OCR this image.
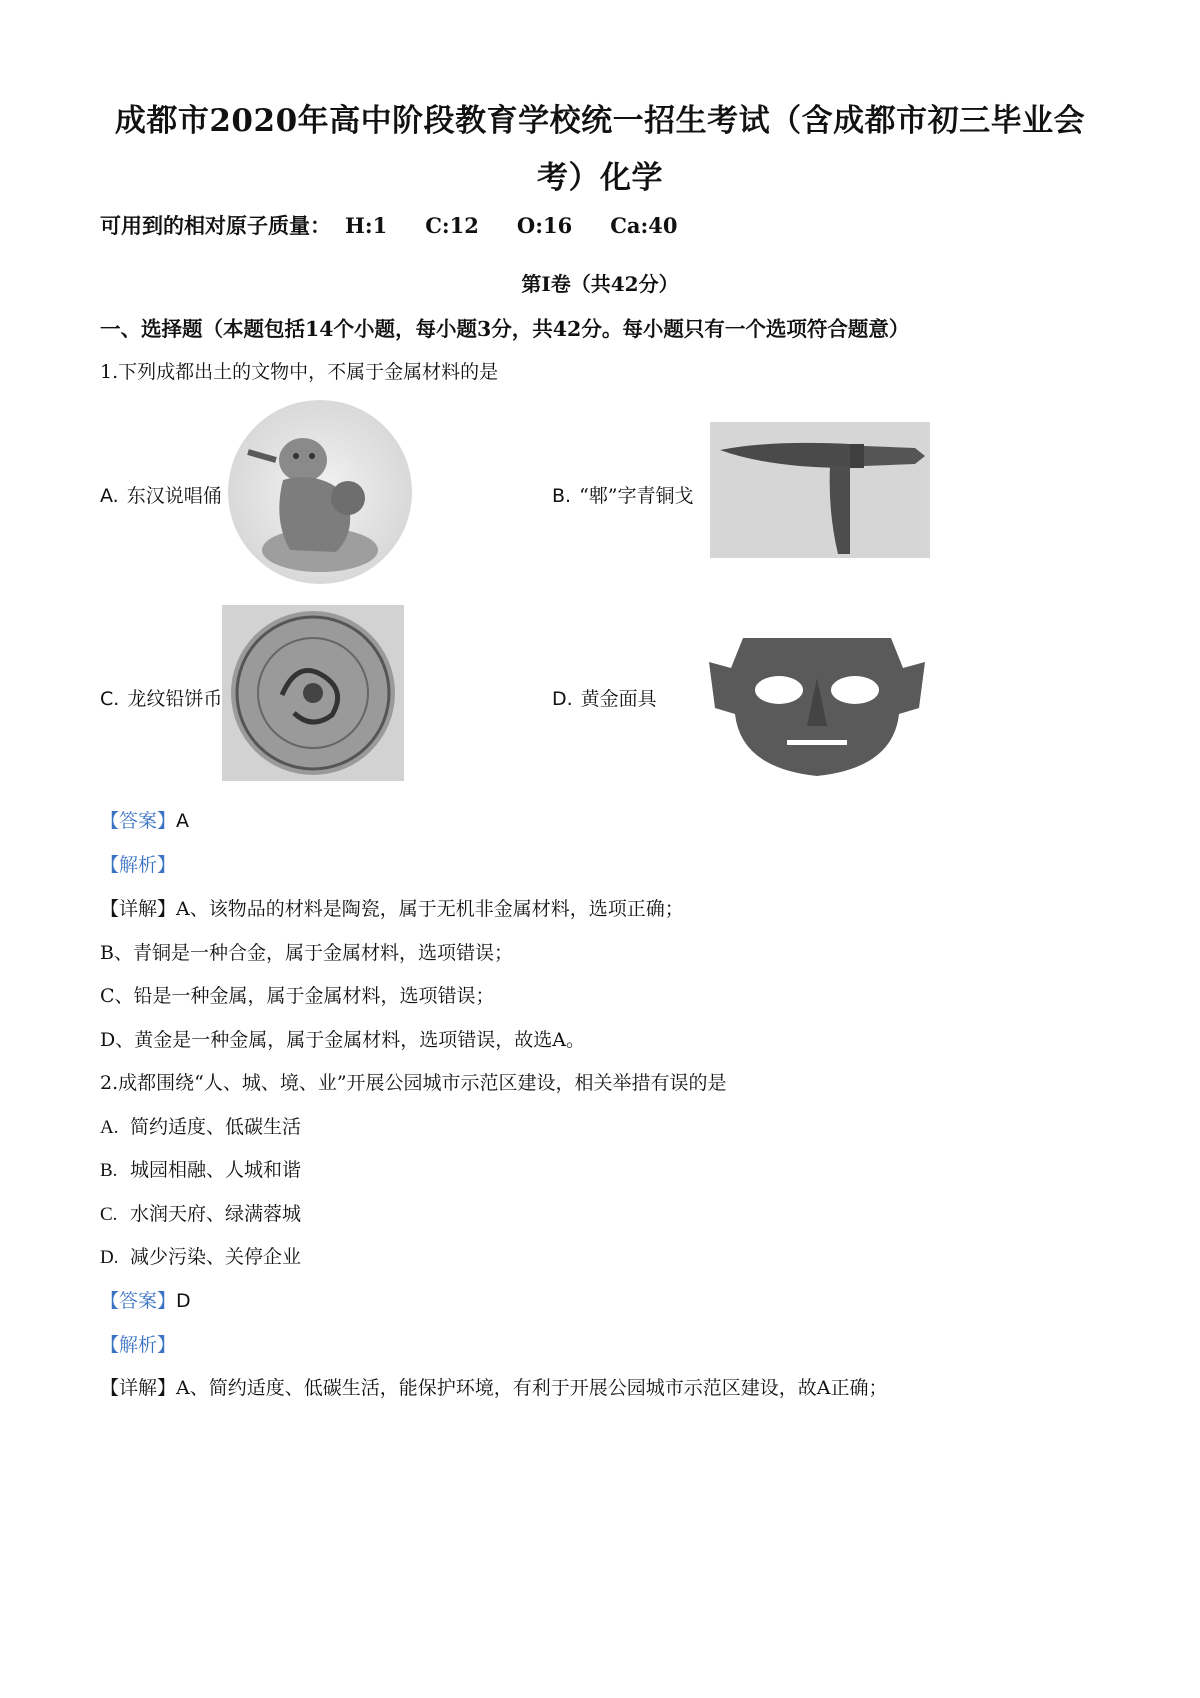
成都市2020年高中阶段教育学校统一招生考试（含成都市初三毕业会
考）化学
可用到的相对原子质量： H:1 C:12 O:16 Ca:40
第Ⅰ卷（共42分）
一、选择题（本题包括14个小题，每小题3分，共42分。每小题只有一个选项符合题意）
1.下列成都出土的文物中，不属于金属材料的是
A. 东汉说唱俑	B. “郫”字青铜戈
C. 龙纹铅饼币	D. 黄金面具
【答案】A
【解析】
【详解】A、该物品的材料是陶瓷，属于无机非金属材料，选项正确；
B、青铜是一种合金，属于金属材料，选项错误；
C、铅是一种金属，属于金属材料，选项错误；
D、黄金是一种金属，属于金属材料，选项错误，故选A。
2.成都围绕“人、城、境、业”开展公园城市示范区建设，相关举措有误的是
A. 简约适度、低碳生活
B. 城园相融、人城和谐
C. 水润天府、绿满蓉城
D. 减少污染、关停企业
【答案】D
【解析】
【详解】A、简约适度、低碳生活，能保护环境，有利于开展公园城市示范区建设，故A正确；
